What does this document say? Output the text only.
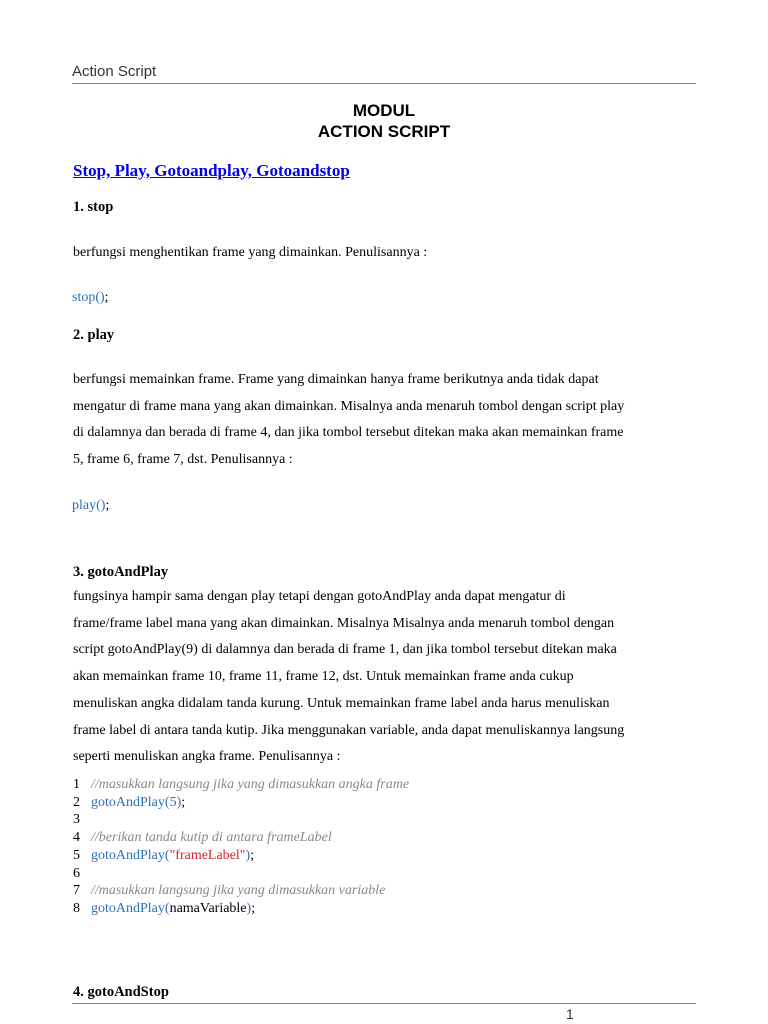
Action Script
MODUL
ACTION SCRIPT
Stop, Play, Gotoandplay, Gotoandstop
1. stop
berfungsi menghentikan frame yang dimainkan. Penulisannya :
stop();
2. play
berfungsi memainkan frame. Frame yang dimainkan hanya frame berikutnya anda tidak dapat
mengatur di frame mana yang akan dimainkan. Misalnya anda menaruh tombol dengan script play
di dalamnya dan berada di frame 4, dan jika tombol tersebut ditekan maka akan memainkan frame
5, frame 6, frame 7, dst. Penulisannya :
play();
3. gotoAndPlay
fungsinya hampir sama dengan play tetapi dengan gotoAndPlay anda dapat mengatur di
frame/frame label mana yang akan dimainkan. Misalnya Misalnya anda menaruh tombol dengan
script gotoAndPlay(9) di dalamnya dan berada di frame 1, dan jika tombol tersebut ditekan maka
akan memainkan frame 10, frame 11, frame 12, dst. Untuk memainkan frame anda cukup
menuliskan angka didalam tanda kurung. Untuk memainkan frame label anda harus menuliskan
frame label di antara tanda kutip. Jika menggunakan variable, anda dapat menuliskannya langsung
seperti menuliskan angka frame. Penulisannya :
1 //masukkan langsung jika yang dimasukkan angka frame
2 gotoAndPlay(5);
3
4 //berikan tanda kutip di antara frameLabel
5 gotoAndPlay("frameLabel");
6
7 //masukkan langsung jika yang dimasukkan variable
8 gotoAndPlay(namaVariable);
4. gotoAndStop
1
